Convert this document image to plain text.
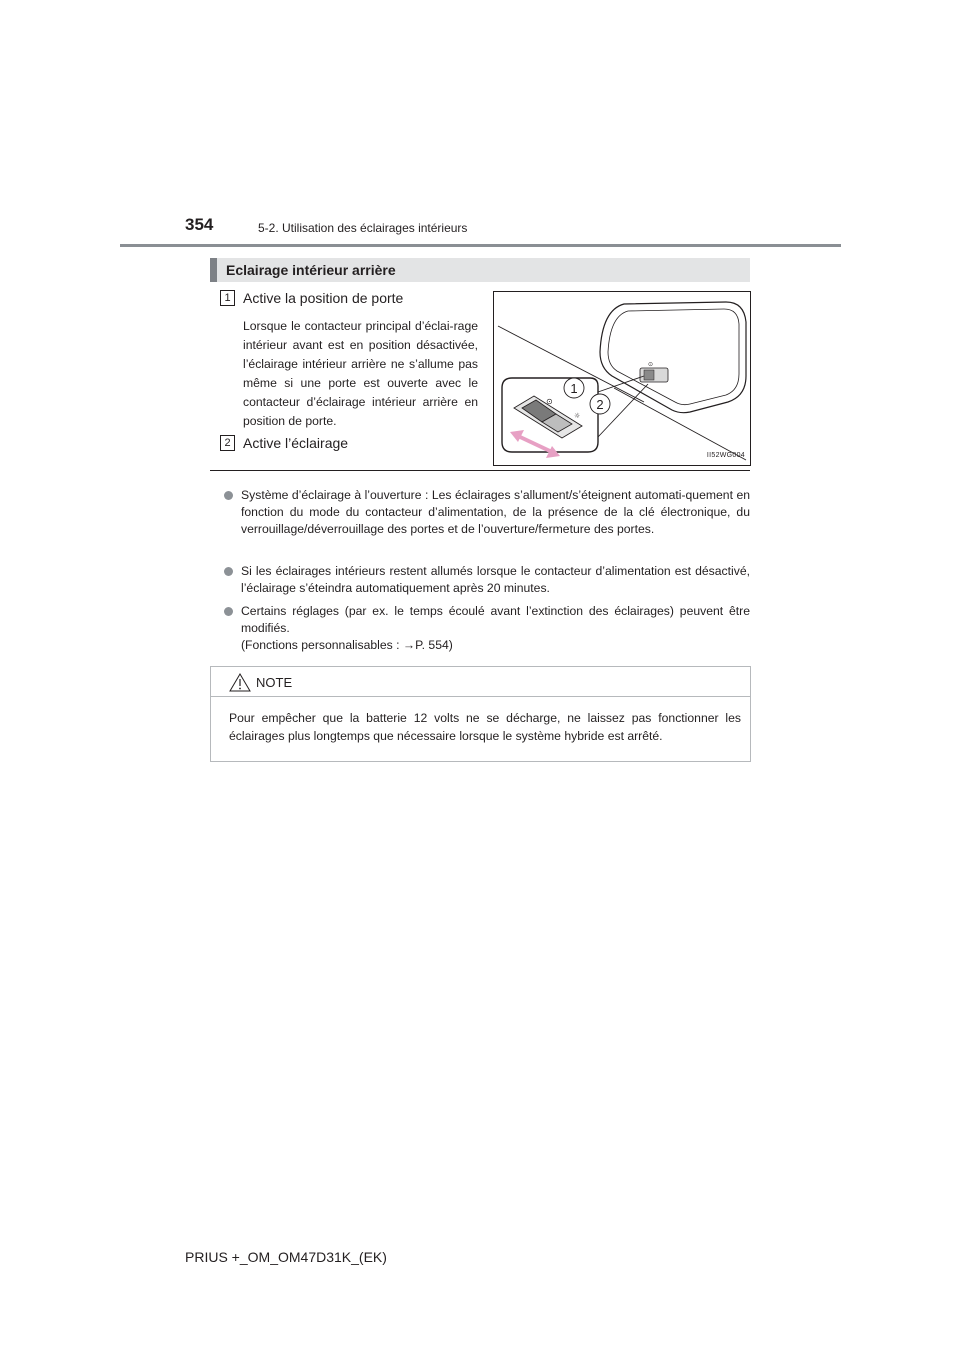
354	5-2. Utilisation des éclairages intérieurs
Eclairage intérieur arrière
1 Active la position de porte
Lorsque le contacteur principal d’éclai-rage intérieur avant est en position désactivée, l’éclairage intérieur arrière ne s’allume pas même si une porte est ouverte avec le contacteur d’éclairage intérieur arrière en position de porte.
2 Active l’éclairage
⊙
⊙
☼
1
2
II52WG004
Système d’éclairage à l’ouverture : Les éclairages s’allument/s’éteignent automati-quement en fonction du mode du contacteur d’alimentation, de la présence de la clé électronique, du verrouillage/déverrouillage des portes et de l’ouverture/fermeture des portes.
Si les éclairages intérieurs restent allumés lorsque le contacteur d’alimentation est désactivé, l’éclairage s’éteindra automatiquement après 20 minutes.
Certains réglages (par ex. le temps écoulé avant l’extinction des éclairages) peuvent être modifiés.
(Fonctions personnalisables : →P. 554)
NOTE
Pour empêcher que la batterie 12 volts ne se décharge, ne laissez pas fonctionner les éclairages plus longtemps que nécessaire lorsque le système hybride est arrêté.
PRIUS +_OM_OM47D31K_(EK)
